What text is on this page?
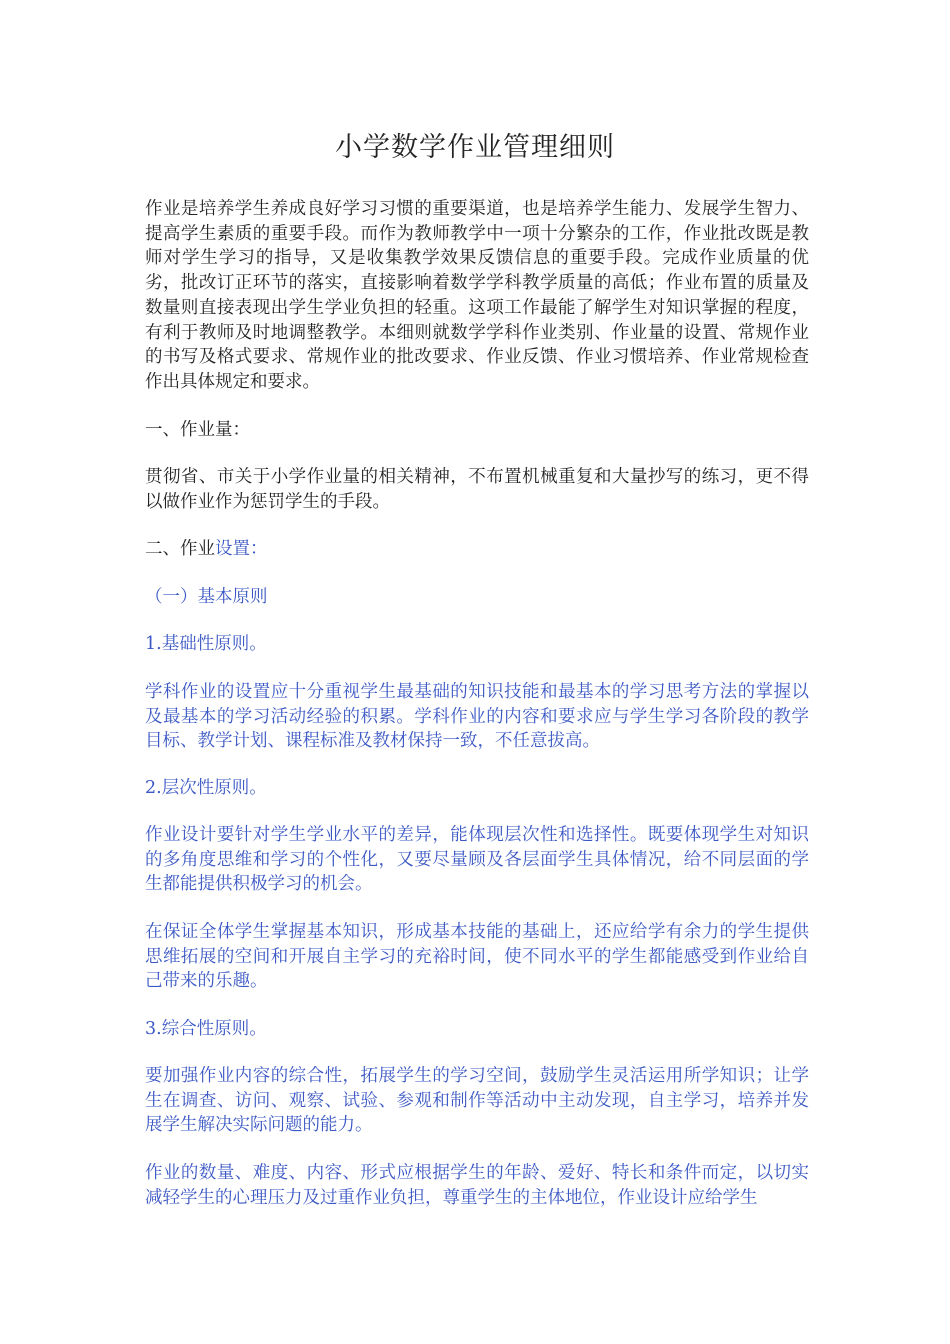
小学数学作业管理细则

作业是培养学生养成良好学习习惯的重要渠道，也是培养学生能力、发展学生智力、提高学生素质的重要手段。而作为教师教学中一项十分繁杂的工作，作业批改既是教师对学生学习的指导，又是收集教学效果反馈信息的重要手段。完成作业质量的优劣，批改订正环节的落实，直接影响着数学学科教学质量的高低；作业布置的质量及数量则直接表现出学生学业负担的轻重。这项工作最能了解学生对知识掌握的程度，有利于教师及时地调整教学。本细则就数学学科作业类别、作业量的设置、常规作业的书写及格式要求、常规作业的批改要求、作业反馈、作业习惯培养、作业常规检查作出具体规定和要求。

一、作业量：

贯彻省、市关于小学作业量的相关精神，不布置机械重复和大量抄写的练习，更不得以做作业作为惩罚学生的手段。

二、作业设置：

（一）基本原则

1.基础性原则。

学科作业的设置应十分重视学生最基础的知识技能和最基本的学习思考方法的掌握以及最基本的学习活动经验的积累。学科作业的内容和要求应与学生学习各阶段的教学目标、教学计划、课程标准及教材保持一致，不任意拔高。

2.层次性原则。

作业设计要针对学生学业水平的差异，能体现层次性和选择性。既要体现学生对知识的多角度思维和学习的个性化，又要尽量顾及各层面学生具体情况，给不同层面的学生都能提供积极学习的机会。

在保证全体学生掌握基本知识，形成基本技能的基础上，还应给学有余力的学生提供思维拓展的空间和开展自主学习的充裕时间，使不同水平的学生都能感受到作业给自己带来的乐趣。

3.综合性原则。

要加强作业内容的综合性，拓展学生的学习空间，鼓励学生灵活运用所学知识；让学生在调查、访问、观察、试验、参观和制作等活动中主动发现，自主学习，培养并发展学生解决实际问题的能力。

作业的数量、难度、内容、形式应根据学生的年龄、爱好、特长和条件而定，以切实减轻学生的心理压力及过重作业负担，尊重学生的主体地位，作业设计应给学生
